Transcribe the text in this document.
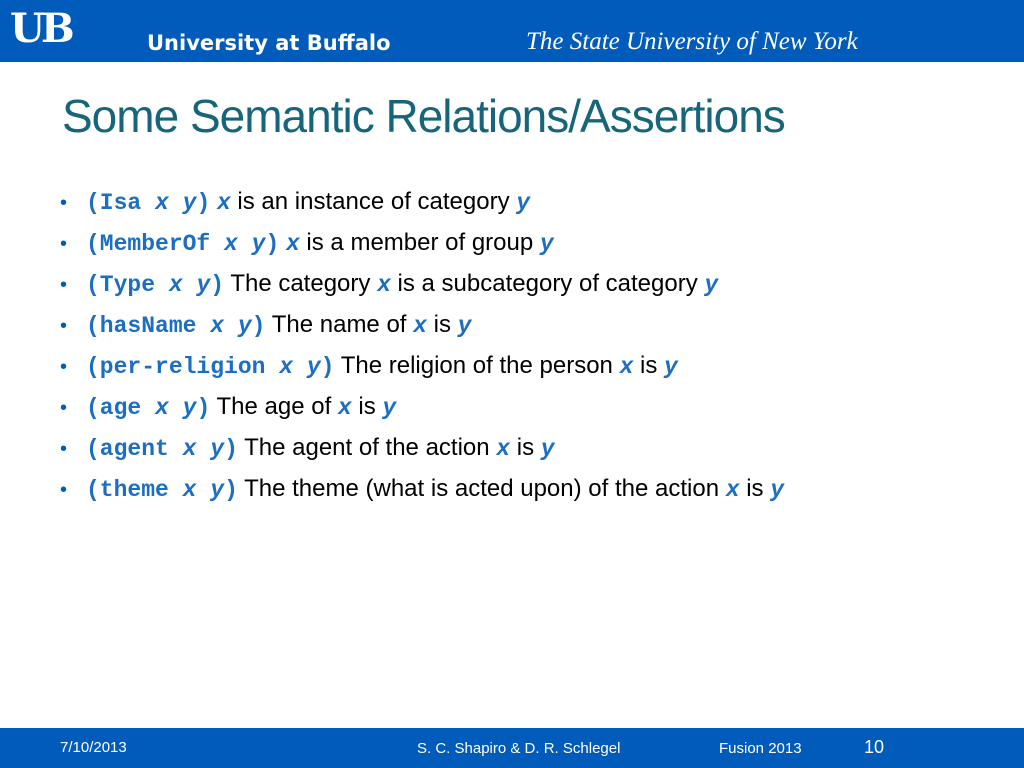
UB	University at Buffalo	The State University of New York
Some Semantic Relations/Assertions
• (Isa x y) x is an instance of category y
• (MemberOf x y) x is a member of group y
• (Type x y) The category x is a subcategory of category y
• (hasName x y) The name of x is y
• (per-religion x y) The religion of the person x is y
• (age x y) The age of x is y
• (agent x y) The agent of the action x is y
• (theme x y) The theme (what is acted upon) of the action x is y
7/10/2013	S. C. Shapiro & D. R. Schlegel	Fusion 2013	10
